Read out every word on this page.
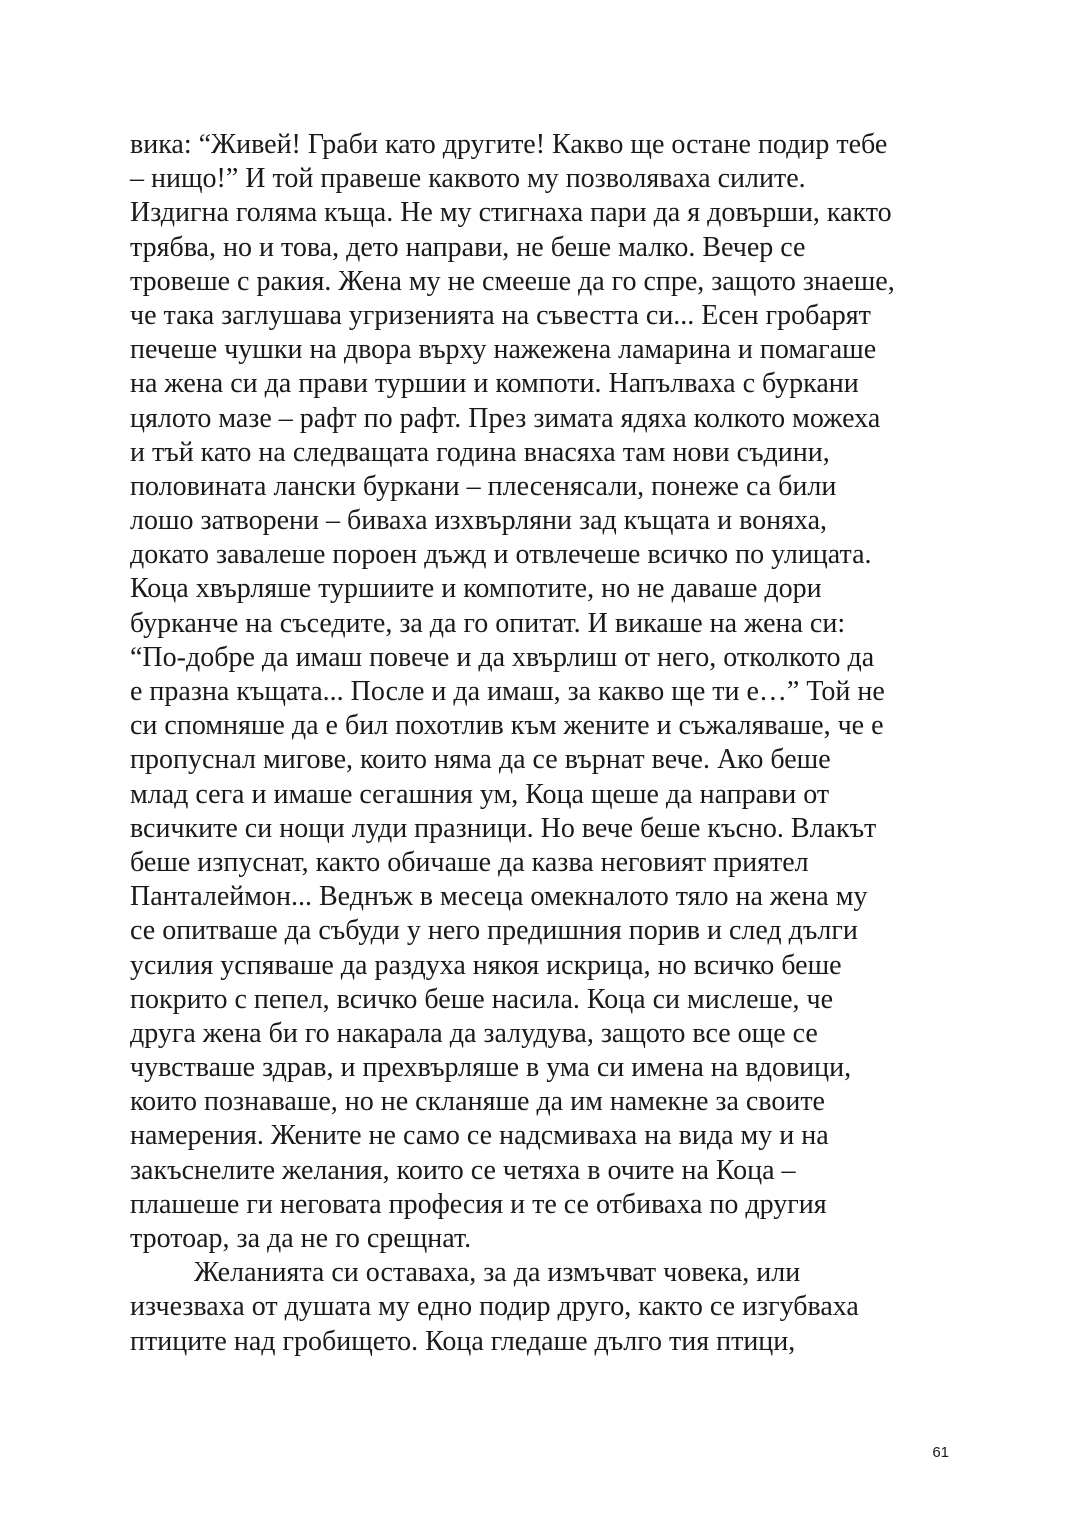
вика: “Живей! Граби като другите! Какво ще остане подир тебе
– нищо!” И той правеше каквото му позволяваха силите.
Издигна голяма къща. Не му стигнаха пари да я довърши, както
трябва, но и това, дето направи, не беше малко. Вечер се
тровеше с ракия. Жена му не смееше да го спре, защото знаеше,
че така заглушава угризенията на съвестта си... Есен гробарят
печеше чушки на двора върху нажежена ламарина и помагаше
на жена си да прави туршии и компоти. Напълваха с буркани
цялото мазе – рафт по рафт. През зимата ядяха колкото можеха
и тъй като на следващата година внасяха там нови съдини,
половината лански буркани – плесенясали, понеже са били
лошо затворени – биваха изхвърляни зад къщата и воняха,
докато завалеше пороен дъжд и отвлечеше всичко по улицата.
Коца хвърляше туршиите и компотите, но не даваше дори
бурканче на съседите, за да го опитат. И викаше на жена си:
“По-добре да имаш повече и да хвърлиш от него, отколкото да
е празна къщата... После и да имаш, за какво ще ти е…” Той не
си спомняше да е бил похотлив към жените и съжаляваше, че е
пропуснал мигове, които няма да се върнат вече. Ако беше
млад сега и имаше сегашния ум, Коца щеше да направи от
всичките си нощи луди празници. Но вече беше късно. Влакът
беше изпуснат, както обичаше да казва неговият приятел
Панталеймон... Веднъж в месеца омекналото тяло на жена му
се опитваше да събуди у него предишния порив и след дълги
усилия успяваше да раздуха някоя искрица, но всичко беше
покрито с пепел, всичко беше насила. Коца си мислеше, че
друга жена би го накарала да залудува, защото все още се
чувстваше здрав, и прехвърляше в ума си имена на вдовици,
които познаваше, но не скланяше да им намекне за своите
намерения. Жените не само се надсмиваха на вида му и на
закъснелите желания, които се четяха в очите на Коца –
плашеше ги неговата професия и те се отбиваха по другия
тротоар, за да не го срещнат.
Желанията си оставаха, за да измъчват човека, или
изчезваха от душата му едно подир друго, както се изгубваха
птиците над гробището. Коца гледаше дълго тия птици,
61
